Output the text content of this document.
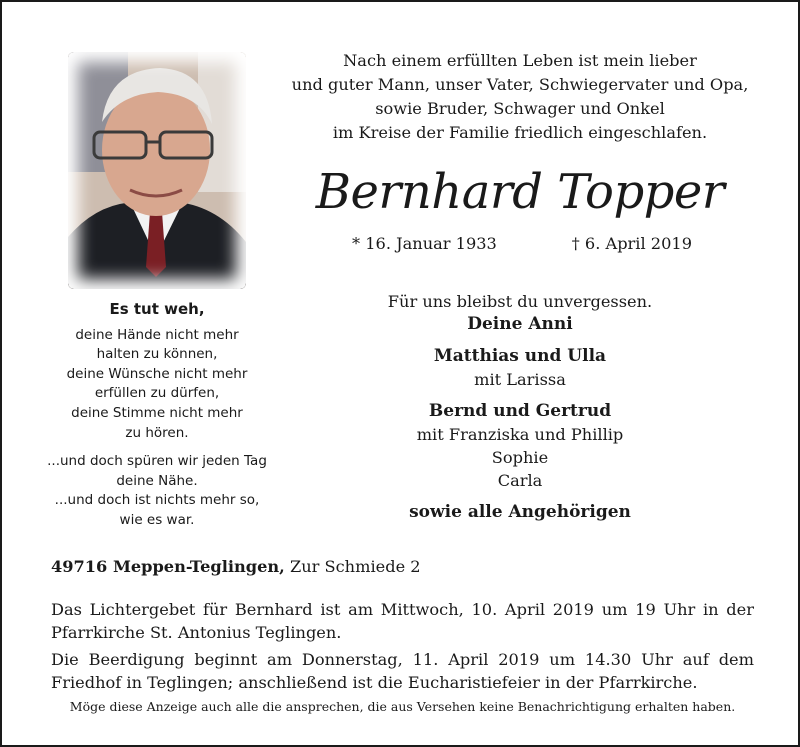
Es tut weh,
deine Hände nicht mehr
halten zu können,
deine Wünsche nicht mehr
erfüllen zu dürfen,
deine Stimme nicht mehr
zu hören.
...und doch spüren wir jeden Tag
deine Nähe.
...und doch ist nichts mehr so,
wie es war.
Nach einem erfüllten Leben ist mein lieber
und guter Mann, unser Vater, Schwiegervater und Opa,
sowie Bruder, Schwager und Onkel
im Kreise der Familie friedlich eingeschlafen.
Bernhard Topper
* 16. Januar 1933	† 6. April 2019
Für uns bleibst du unvergessen.
Deine Anni
Matthias und Ulla
mit Larissa
Bernd und Gertrud
mit Franziska und Phillip
Sophie
Carla
sowie alle Angehörigen
49716 Meppen-Teglingen, Zur Schmiede 2
Das Lichtergebet für Bernhard ist am Mittwoch, 10. April 2019 um 19 Uhr in der Pfarrkirche St. Antonius Teglingen.
Die Beerdigung beginnt am Donnerstag, 11. April 2019 um 14.30 Uhr auf dem Friedhof in Teglingen; anschließend ist die Eucharistiefeier in der Pfarrkirche.
Möge diese Anzeige auch alle die ansprechen, die aus Versehen keine Benachrichtigung erhalten haben.
